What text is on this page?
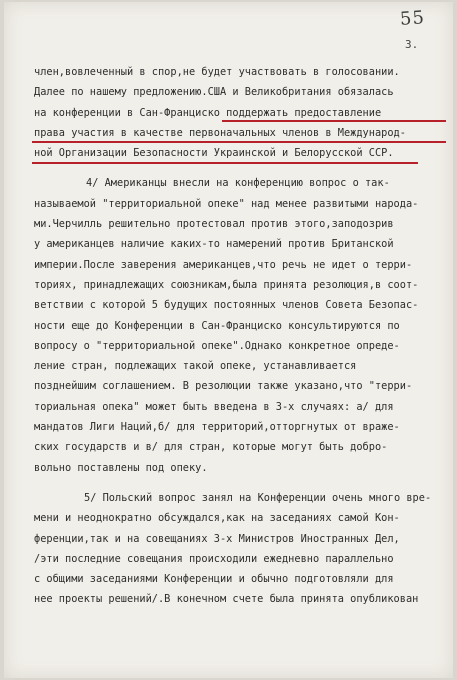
55
3.
член,вовлеченный в спор,не будет участвовать в голосовании.
Далее по нашему предложению.США и Великобритания обязалась
на конференции в Сан-Франциско поддержать предоставление
права участия в качестве первоначальных членов в Международ-
ной Организации Безопасности Украинской и Белорусской ССР.
4/ Американцы внесли на конференцию вопрос о так-
называемой "территориальной опеке" над менее развитыми народа-
ми.Черчилль решительно протестовал против этого,заподозрив
у американцев наличие каких-то намерений против Британской
империи.После заверения американцев,что речь не идет о терри-
ториях, принадлежащих союзникам,была принята резолюция,в соот-
ветствии с которой 5 будущих постоянных членов Совета Безопас-
ности еще до Конференции в Сан-Франциско консультируются по
вопросу о "территориальной опеке".Однако конкретное опреде-
ление стран, подлежащих такой опеке, устанавливается
позднейшим соглашением. В резолюции также указано,что "терри-
ториальная опека" может быть введена в 3-х случаях: а/ для
мандатов Лиги Наций,б/ для территорий,отторгнутых от враже-
ских государств и в/ для стран, которые могут быть добро-
вольно поставлены под опеку.
5/ Польский вопрос занял на Конференции очень много вре-
мени и неоднократно обсуждался,как на заседаниях самой Кон-
ференции,так и на совещаниях 3-х Министров Иностранных Дел,
/эти последние совещания происходили ежедневно параллельно
с общими заседаниями Конференции и обычно подготовляли для
нее проекты решений/.В конечном счете была принята опубликован
